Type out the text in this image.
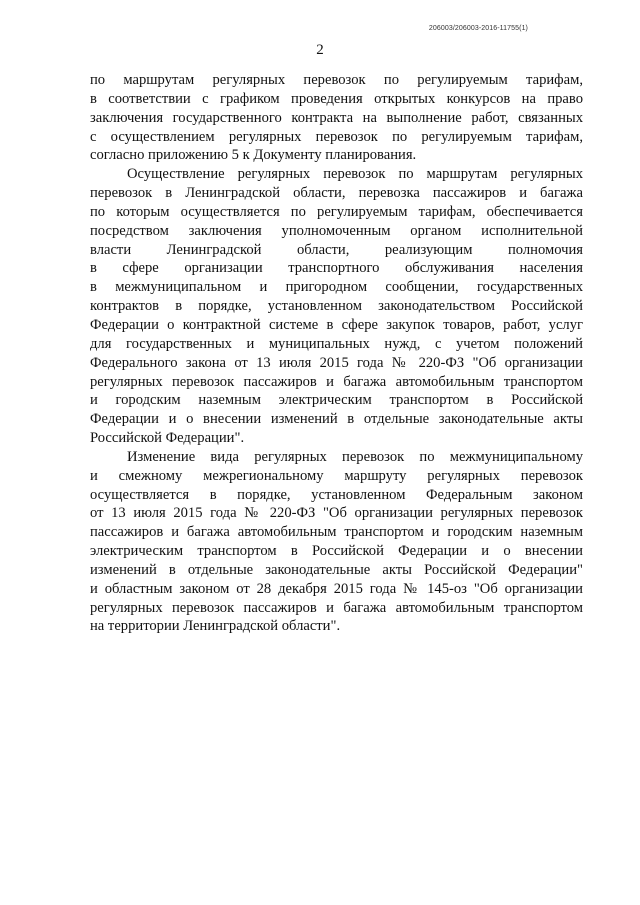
206003/206003-2016-11755(1)
2

по маршрутам регулярных перевозок по регулируемым тарифам,
в соответствии с графиком проведения открытых конкурсов на право
заключения государственного контракта на выполнение работ, связанных
с осуществлением регулярных перевозок по регулируемым тарифам,
согласно приложению 5 к Документу планирования.

Осуществление регулярных перевозок по маршрутам регулярных
перевозок в Ленинградской области, перевозка пассажиров и багажа
по которым осуществляется по регулируемым тарифам, обеспечивается
посредством заключения уполномоченным органом исполнительной
власти Ленинградской области, реализующим полномочия
в сфере организации транспортного обслуживания населения
в межмуниципальном и пригородном сообщении, государственных
контрактов в порядке, установленном законодательством Российской
Федерации о контрактной системе в сфере закупок товаров, работ, услуг
для государственных и муниципальных нужд, с учетом положений
Федерального закона от 13 июля 2015 года № 220-ФЗ "Об организации
регулярных перевозок пассажиров и багажа автомобильным транспортом
и городским наземным электрическим транспортом в Российской
Федерации и о внесении изменений в отдельные законодательные акты
Российской Федерации".

Изменение вида регулярных перевозок по межмуниципальному
и смежному межрегиональному маршруту регулярных перевозок
осуществляется в порядке, установленном Федеральным законом
от 13 июля 2015 года № 220-ФЗ "Об организации регулярных перевозок
пассажиров и багажа автомобильным транспортом и городским наземным
электрическим транспортом в Российской Федерации и о внесении
изменений в отдельные законодательные акты Российской Федерации"
и областным законом от 28 декабря 2015 года № 145-оз "Об организации
регулярных перевозок пассажиров и багажа автомобильным транспортом
на территории Ленинградской области".
